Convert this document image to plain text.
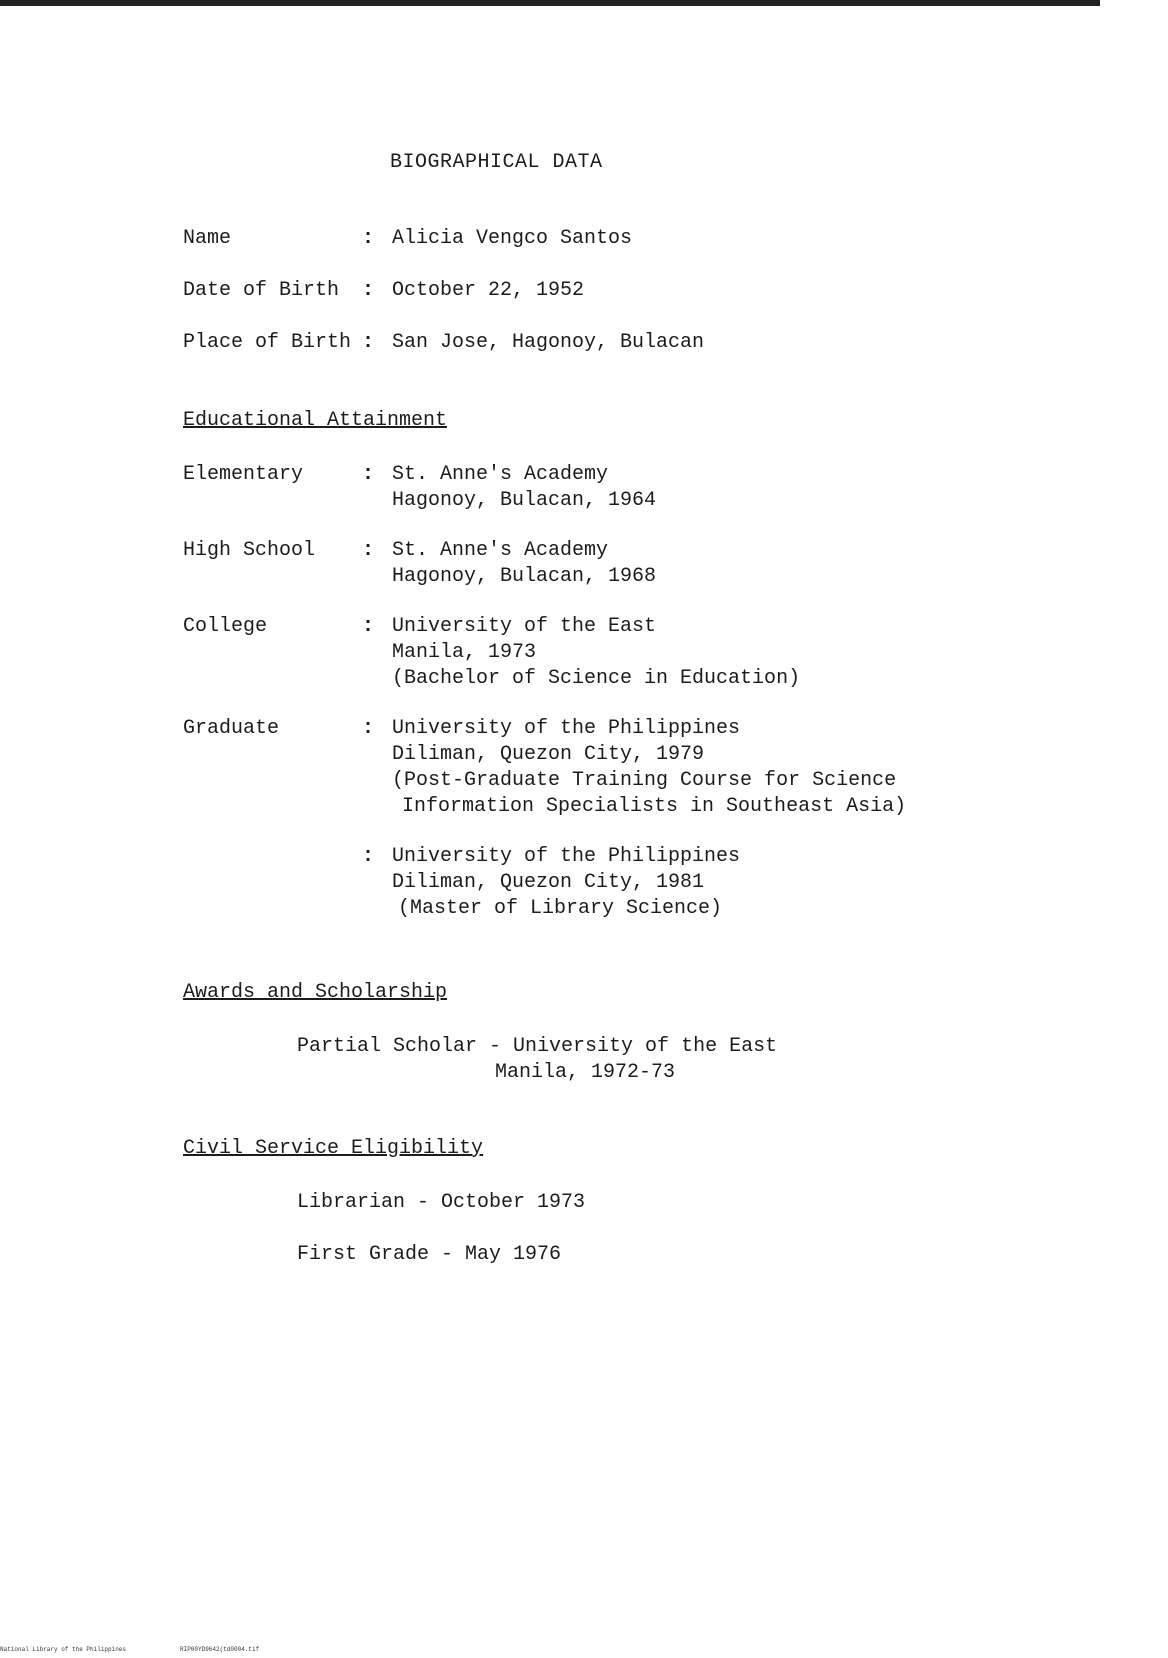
BIOGRAPHICAL DATA
Name	: Alicia Vengco Santos
Date of Birth : October 22, 1952
Place of Birth : San Jose, Hagonoy, Bulacan
Educational Attainment
Elementary	: St. Anne's Academy
Hagonoy, Bulacan, 1964
High School : St. Anne's Academy
Hagonoy, Bulacan, 1968
College	: University of the East
Manila, 1973
(Bachelor of Science in Education)
Graduate	: University of the Philippines
Diliman, Quezon City, 1979
(Post-Graduate Training Course for Science
Information Specialists in Southeast Asia)
: University of the Philippines
Diliman, Quezon City, 1981
(Master of Library Science)
Awards and Scholarship
Partial Scholar - University of the East
Manila, 1972-73
Civil Service Eligibility
Librarian - October 1973
First Grade - May 1976
National Library of the Philippines	RIP00YD9642(td0004.tif
